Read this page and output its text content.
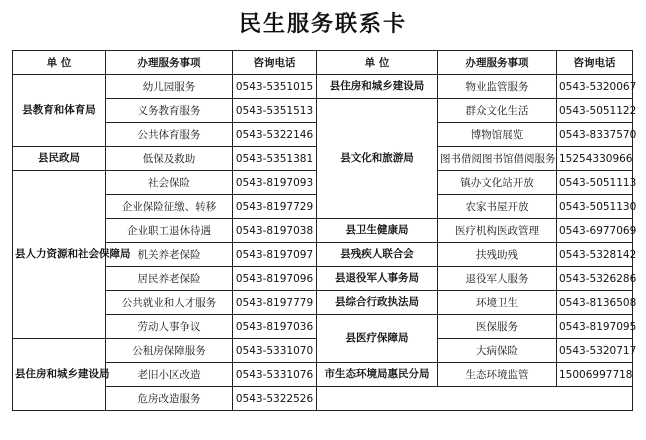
民生服务联系卡
单 位	办理服务事项	咨询电话	单 位	办理服务事项	咨询电话
县教育和体育局	幼儿园服务	0543-5351015	县住房和城乡建设局	物业监管服务	0543-5320067
	义务教育服务	0543-5351513	县文化和旅游局	群众文化生活	0543-5051122
	公共体育服务	0543-5322146		博物馆展览	0543-8337570
县民政局	低保及救助	0543-5351381		图书借阅图书馆借阅服务	15254330966
县人力资源和社会保障局	社会保险	0543-8197093		镇办文化站开放	0543-5051113
	企业保险征缴、转移	0543-8197729		农家书屋开放	0543-5051130
	企业职工退休待遇	0543-8197038	县卫生健康局	医疗机构医政管理	0543-6977069
	机关养老保险	0543-8197097	县残疾人联合会	扶残助残	0543-5328142
	居民养老保险	0543-8197096	县退役军人事务局	退役军人服务	0543-5326286
	公共就业和人才服务	0543-8197779	县综合行政执法局	环境卫生	0543-8136508
	劳动人事争议	0543-8197036	县医疗保障局	医保服务	0543-8197095
县住房和城乡建设局	公租房保障服务	0543-5331070		大病保险	0543-5320717
	老旧小区改造	0543-5331076	市生态环境局惠民分局	生态环境监管	15006997718
	危房改造服务	0543-5322526			
